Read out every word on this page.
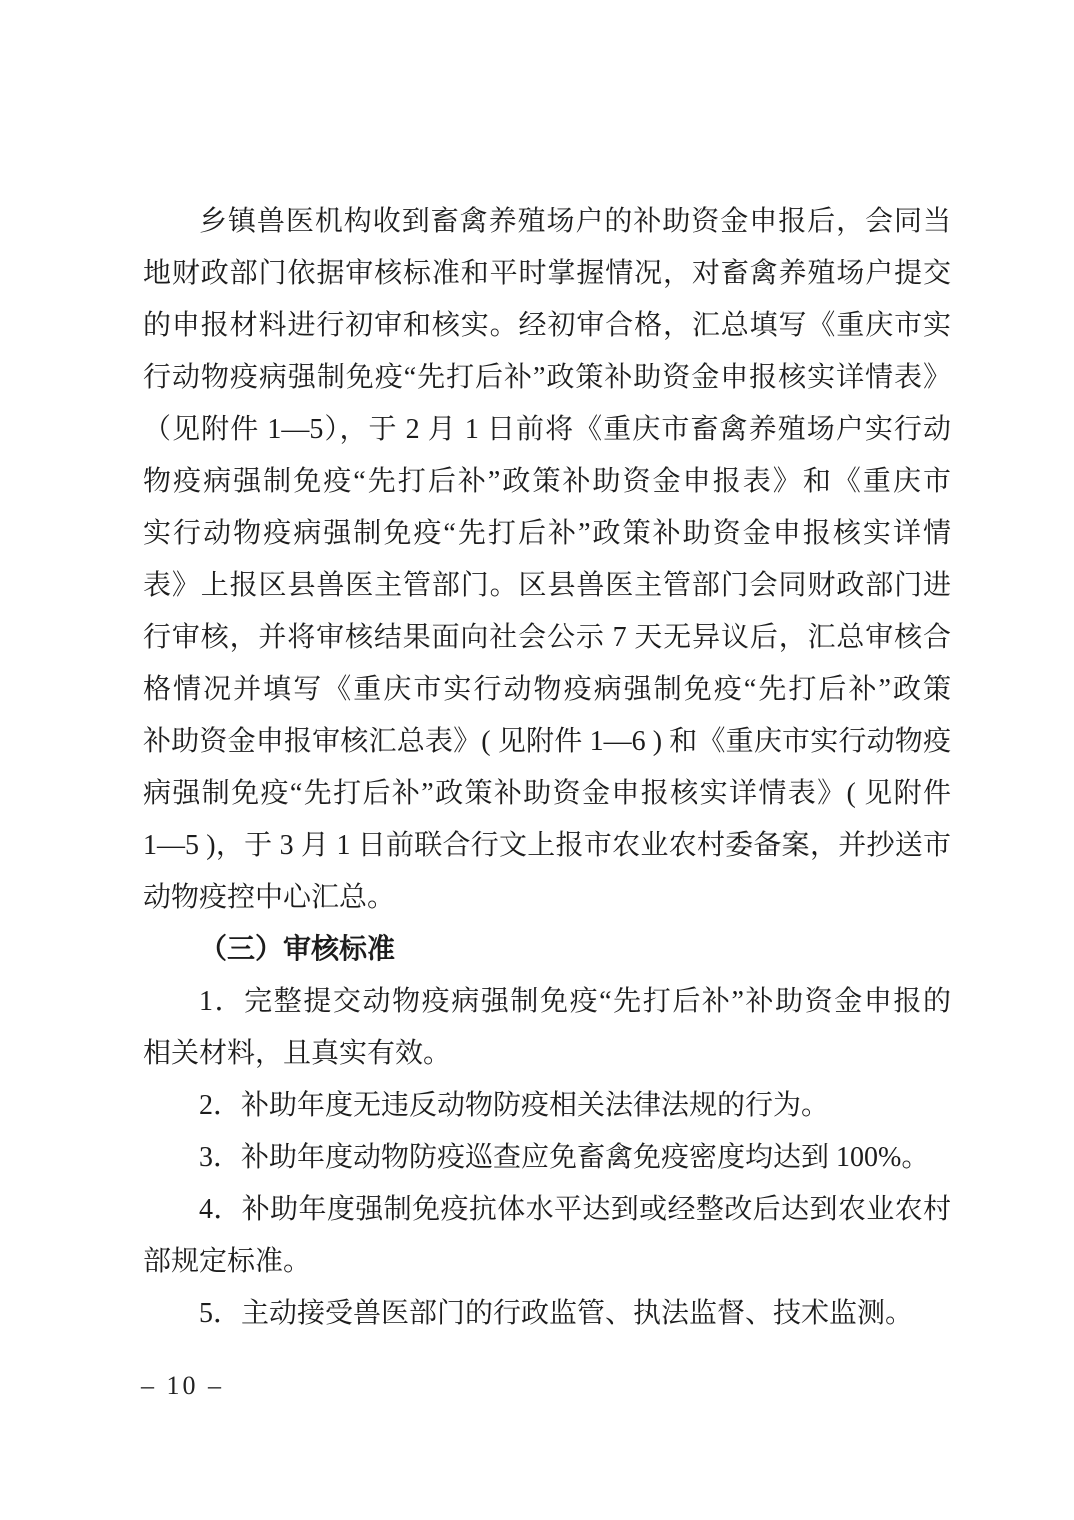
乡镇兽医机构收到畜禽养殖场户的补助资金申报后，会同当
地财政部门依据审核标准和平时掌握情况，对畜禽养殖场户提交
的申报材料进行初审和核实。经初审合格，汇总填写《重庆市实
行动物疫病强制免疫“先打后补”政策补助资金申报核实详情表》
（见附件 1—5），于 2 月 1 日前将《重庆市畜禽养殖场户实行动
物疫病强制免疫“先打后补”政策补助资金申报表》和《重庆市
实行动物疫病强制免疫“先打后补”政策补助资金申报核实详情
表》上报区县兽医主管部门。区县兽医主管部门会同财政部门进
行审核，并将审核结果面向社会公示 7 天无异议后，汇总审核合
格情况并填写《重庆市实行动物疫病强制免疫“先打后补”政策
补助资金申报审核汇总表》( 见附件 1—6 ) 和《重庆市实行动物疫
病强制免疫“先打后补”政策补助资金申报核实详情表》( 见附件
1—5 )，于 3 月 1 日前联合行文上报市农业农村委备案，并抄送市
动物疫控中心汇总。
（三）审核标准
1．完整提交动物疫病强制免疫“先打后补”补助资金申报的
相关材料，且真实有效。
2．补助年度无违反动物防疫相关法律法规的行为。
3．补助年度动物防疫巡查应免畜禽免疫密度均达到 100%。
4．补助年度强制免疫抗体水平达到或经整改后达到农业农村
部规定标准。
5．主动接受兽医部门的行政监管、执法监督、技术监测。
– 10 –
